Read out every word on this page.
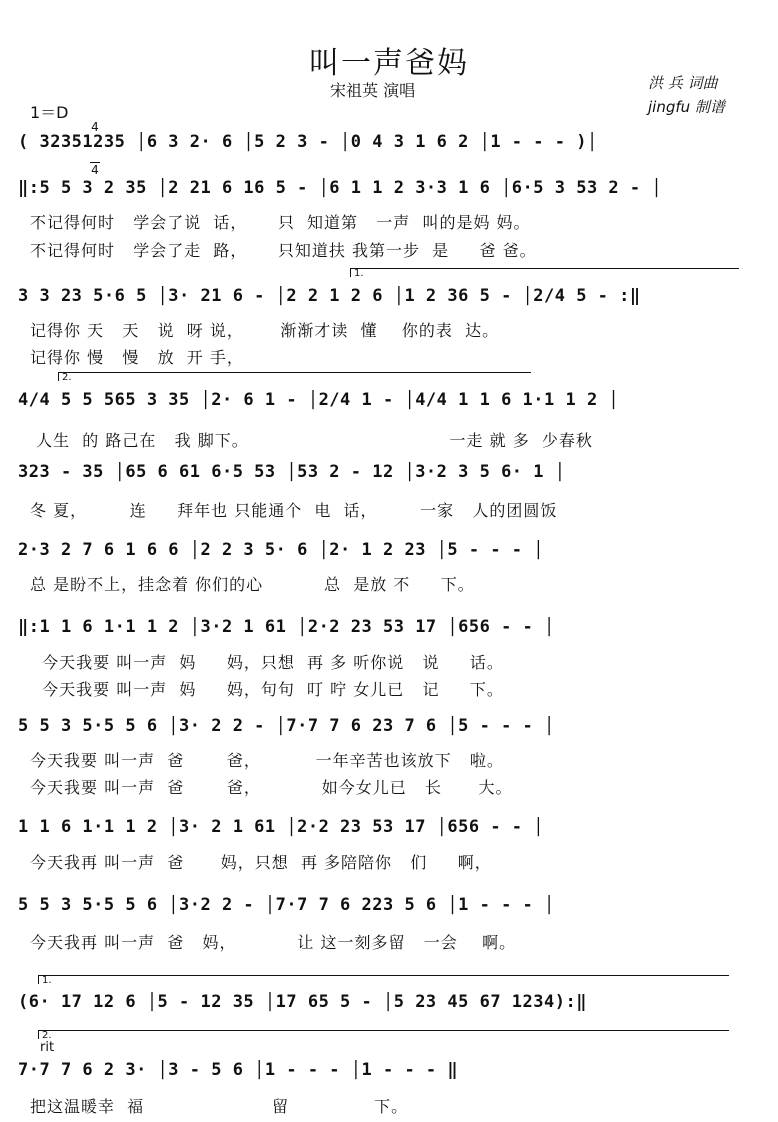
叫一声爸妈
宋祖英 演唱	洪 兵 词曲
jingfu 制谱
1＝D

4

4

( 32351235 │6 3 2· 6 │5 2 3 - │0 4 3 1 6 2 │1 - - - )│
‖:5 5 3 2 35 │2 21 6 16 5 - │6 1 1 2 3·3 1 6 │6·5 3 53 2 - │
不记得何时   学会了说  话，     只  知道第   一声  叫的是妈 妈。
不记得何时   学会了走  路，     只知道扶 我第一步  是     爸 爸。

1.

3 3 23 5·6 5 │3· 21 6 - │2 2 1 2 6 │1 2 36 5 - │2/4 5 - :‖
记得你 天   天   说  呀 说，      渐渐才读  懂    你的表  达。
记得你 慢   慢   放  开 手，

2.

4/4 5 5 565 3 35 │2· 6 1 - │2/4 1 - │4/4 1 1 6 1·1 1 2 │
人生  的 路己在   我 脚下。                                 一走 就 多  少春秋
323 - 35 │65 6 61 6·5 53 │53 2 - 12 │3·2 3 5 6· 1 │
冬 夏，       连     拜年也 只能通个  电  话，       一家   人的团圆饭
2·3 2 7 6 1 6 6 │2 2 3 5· 6 │2· 1 2 23 │5 - - - │
总 是盼不上，挂念着 你们的心          总  是放 不     下。
‖:1 1 6 1·1 1 2 │3·2 1 61 │2·2 23 53 17 │656 - - │
今天我要 叫一声  妈     妈，只想  再 多 听你说   说     话。
今天我要 叫一声  妈     妈，句句  叮 咛 女儿已   记     下。
5 5 3 5·5 5 6 │3· 2 2 - │7·7 7 6 23 7 6 │5 - - - │
今天我要 叫一声  爸       爸，         一年辛苦也该放下   啦。
今天我要 叫一声  爸       爸，          如今女儿已   长      大。
1 1 6 1·1 1 2 │3· 2 1 61 │2·2 23 53 17 │656 - - │
今天我再 叫一声  爸      妈，只想  再 多陪陪你   们     啊，
5 5 3 5·5 5 6 │3·2 2 - │7·7 7 6 223 5 6 │1 - - - │
今天我再 叫一声  爸   妈，          让 这一刻多留   一会    啊。

1.

(6· 17 12 6 │5 - 12 35 │17 65 5 - │5 23 45 67 1234):‖

2.

rit
7·7 7 6 2 3· │3 - 5 6 │1 - - - │1 - - - ‖
把这温暖幸  福                     留              下。
